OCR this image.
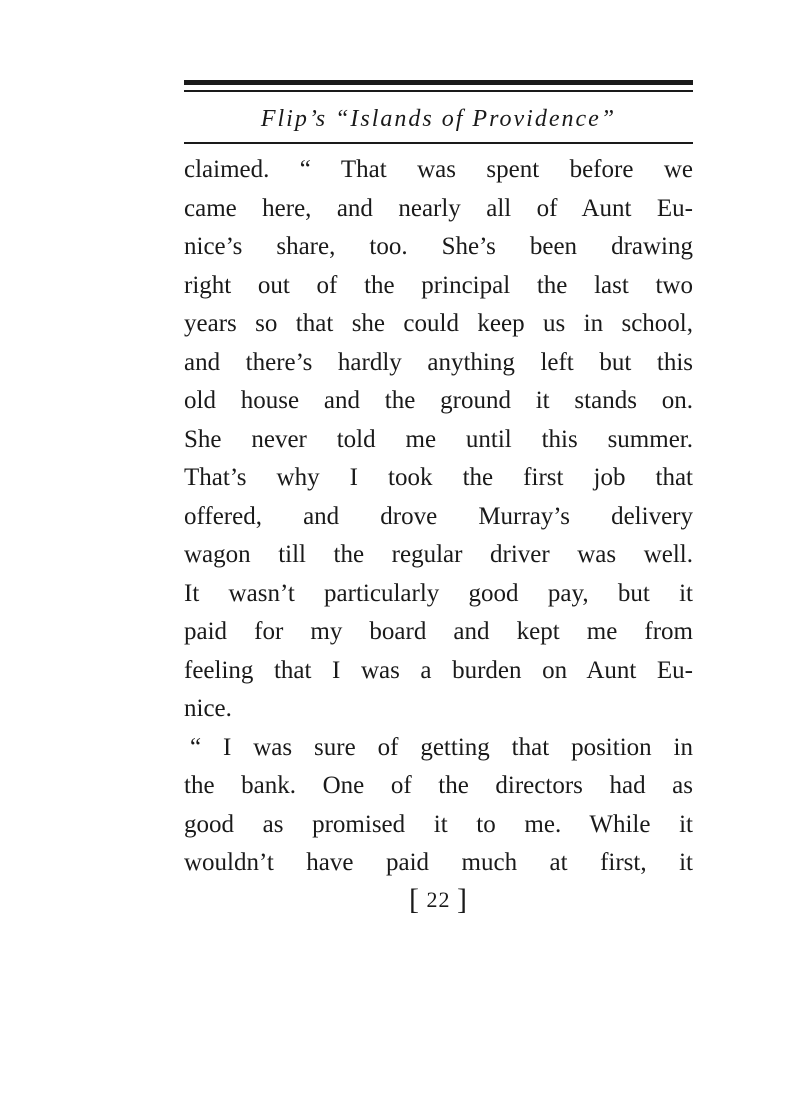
Flip’s “Islands of Providence”
claimed. “ That was spent before we
came here, and nearly all of Aunt Eu-
nice’s share, too. She’s been drawing
right out of the principal the last two
years so that she could keep us in school,
and there’s hardly anything left but this
old house and the ground it stands on.
She never told me until this summer.
That’s why I took the first job that
offered, and drove Murray’s delivery
wagon till the regular driver was well.
It wasn’t particularly good pay, but it
paid for my board and kept me from
feeling that I was a burden on Aunt Eu-
nice.
“ I was sure of getting that position in
the bank. One of the directors had as
good as promised it to me. While it
wouldn’t have paid much at first, it
[ 22 ]
